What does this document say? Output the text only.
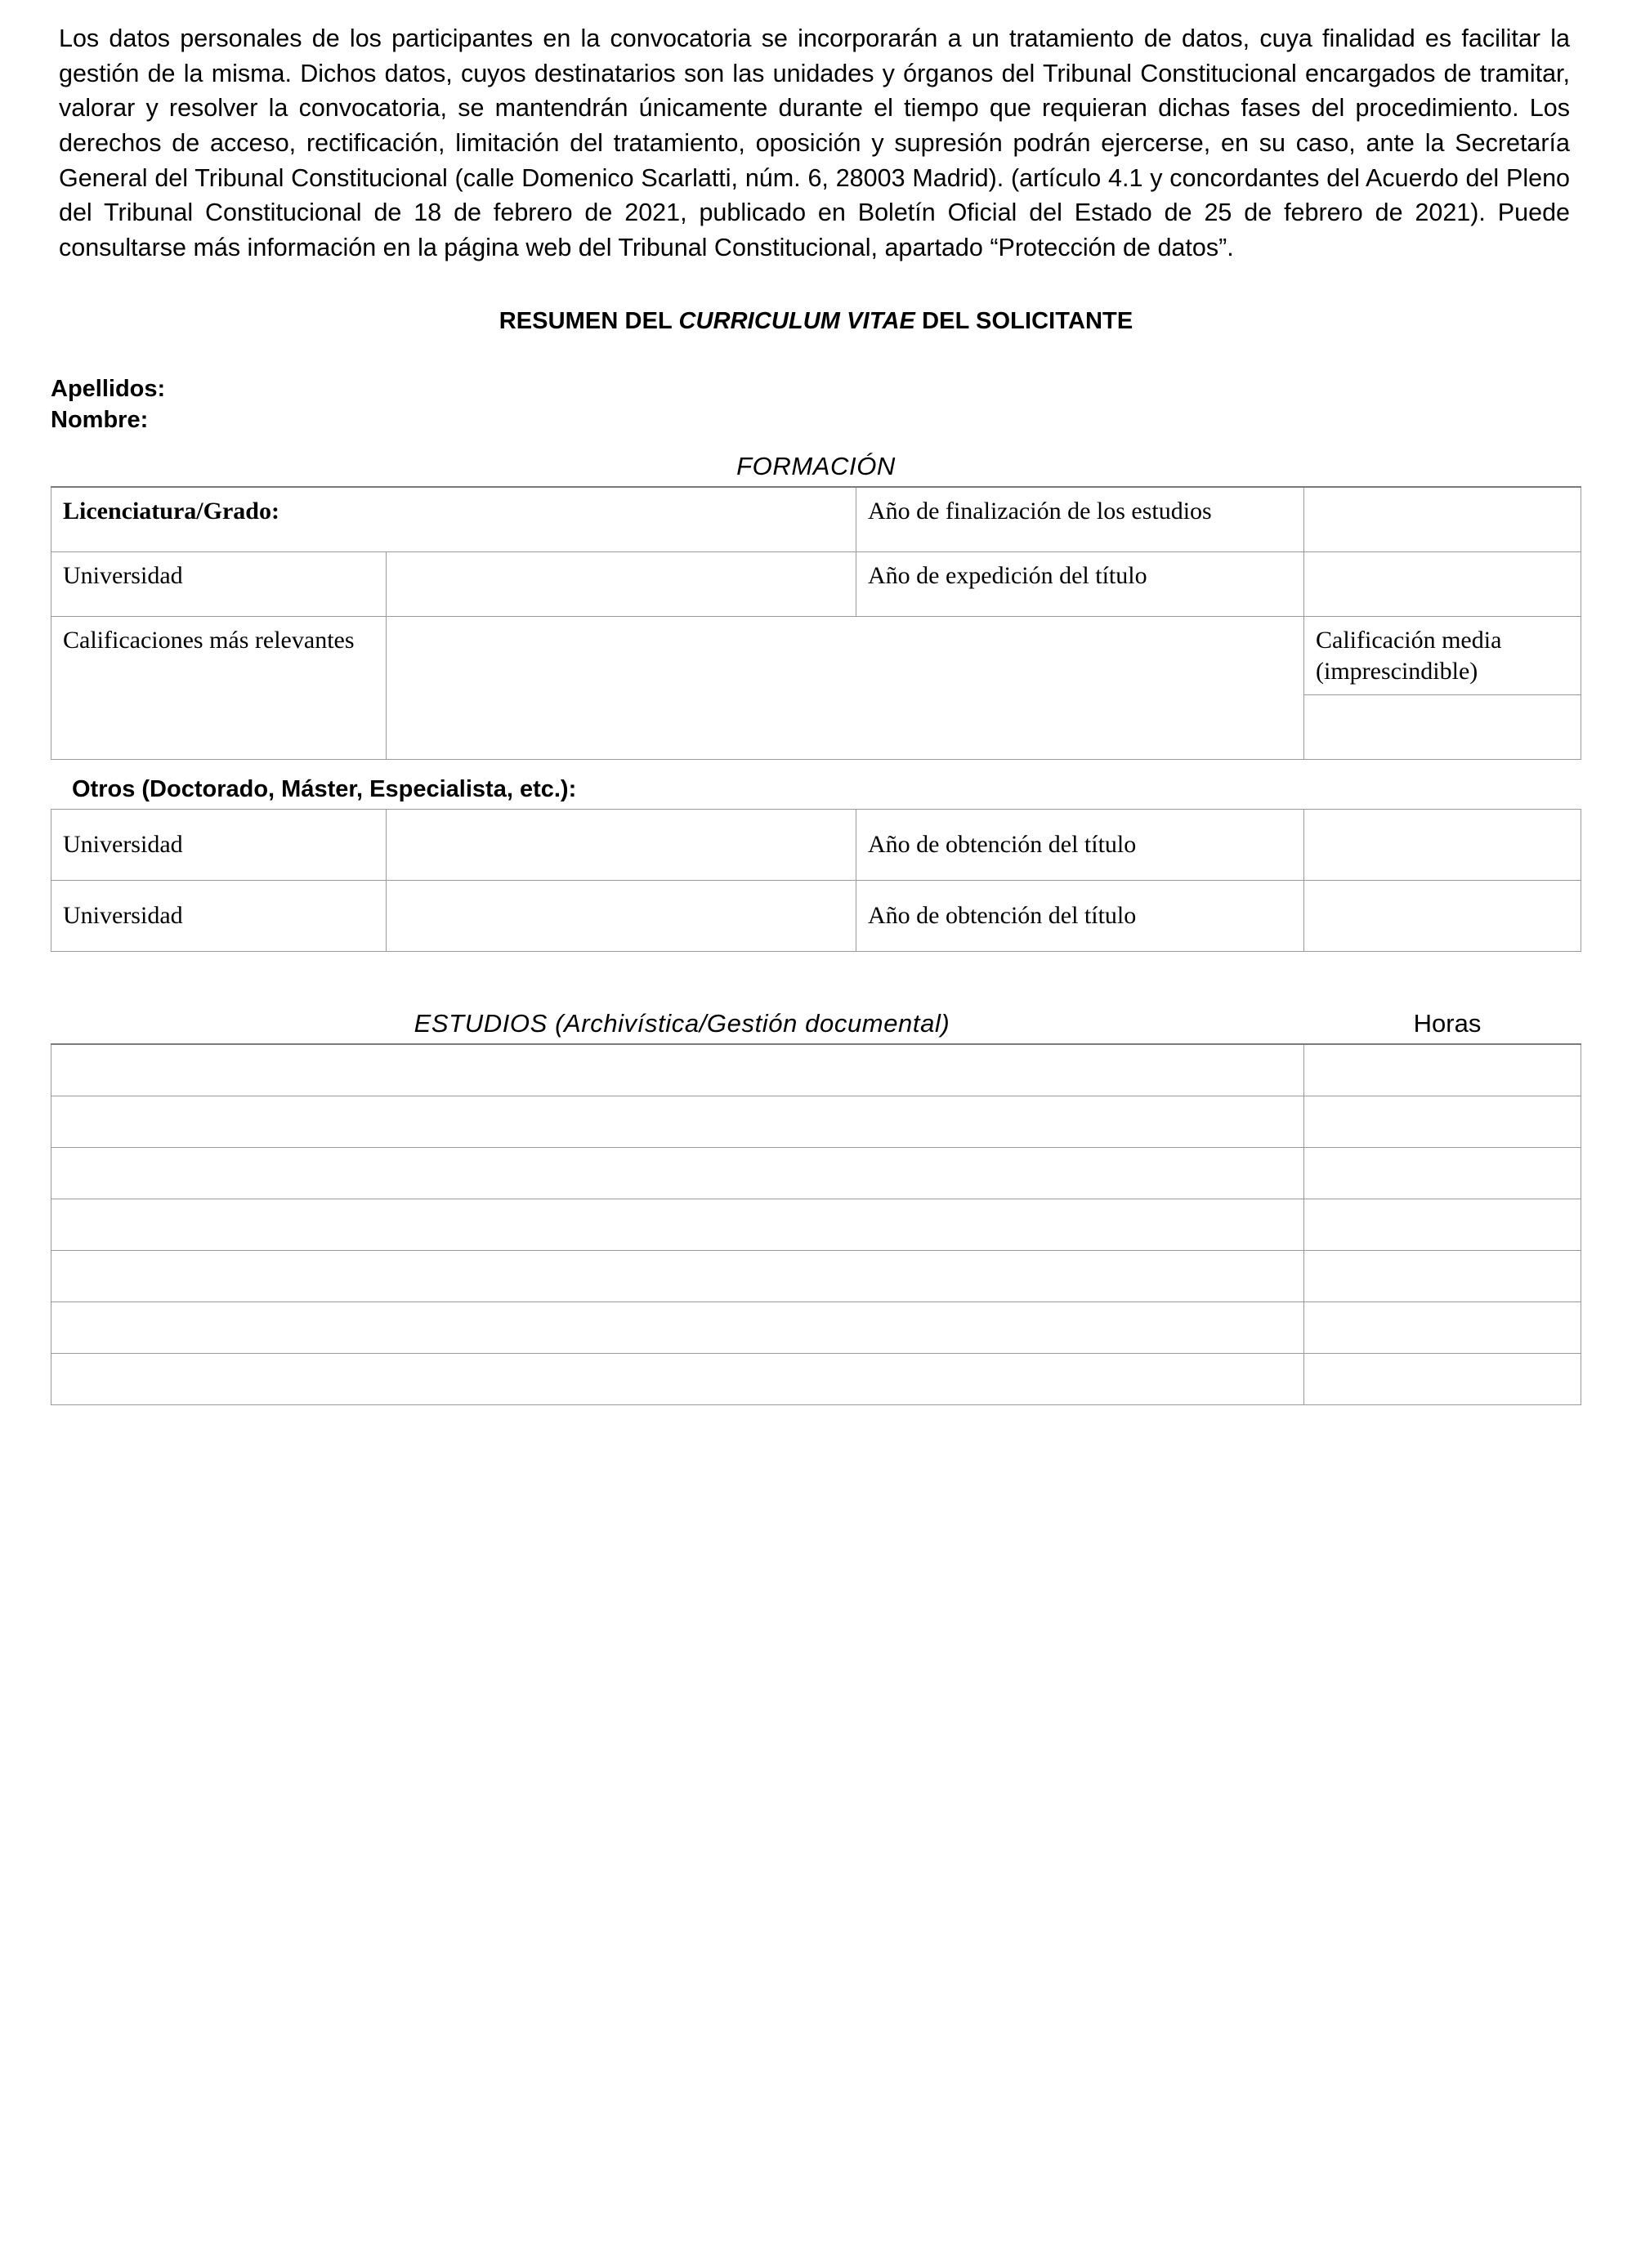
Los datos personales de los participantes en la convocatoria se incorporarán a un tratamiento de datos, cuya finalidad es facilitar la gestión de la misma. Dichos datos, cuyos destinatarios son las unidades y órganos del Tribunal Constitucional encargados de tramitar, valorar y resolver la convocatoria, se mantendrán únicamente durante el tiempo que requieran dichas fases del procedimiento. Los derechos de acceso, rectificación, limitación del tratamiento, oposición y supresión podrán ejercerse, en su caso, ante la Secretaría General del Tribunal Constitucional (calle Domenico Scarlatti, núm. 6, 28003 Madrid). (artículo 4.1 y concordantes del Acuerdo del Pleno del Tribunal Constitucional de 18 de febrero de 2021, publicado en Boletín Oficial del Estado de 25 de febrero de 2021). Puede consultarse más información en la página web del Tribunal Constitucional, apartado “Protección de datos”.

RESUMEN DEL CURRICULUM VITAE DEL SOLICITANTE
Apellidos:
Nombre:
FORMACIÓN
Licenciatura/Grado:		Año de finalización de los estudios	
Universidad		Año de expedición del título	
Calificaciones más relevantes			Calificación media (imprescindible)

Otros (Doctorado, Máster, Especialista, etc.):
Universidad		Año de obtención del título	
Universidad		Año de obtención del título	
ESTUDIOS (Archivística/Gestión documental)	Horas
